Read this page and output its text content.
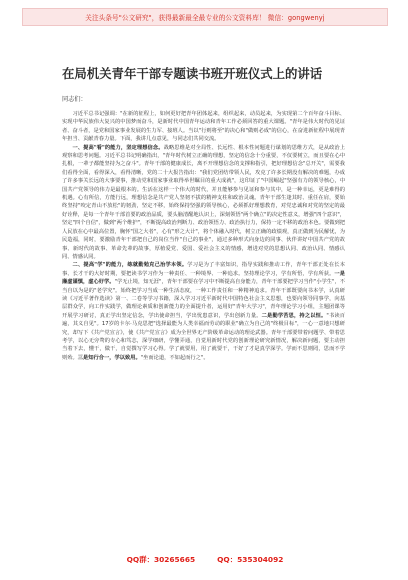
关注头条号"公文研究"，获得最新最全最专业的公文资料库！ 微信：gongwenyj
在局机关青年干部专题读书班开班仪式上的讲话
同志们：

习近平总书记强调："在新的征程上，如何更好把青年团体起来，组织起来，动员起来，为实现第二个百年奋斗目标、实现中华民族伟大复兴的中国梦而奋斗，是新时代中国青年运动和青年工作必须回答的重大课题。"青年是伟大时代的见证者、奋斗者，是党和国家事业发展的生力军、接班人。当以"行则将至"的决心和"做则必成"的信心，在奋进新征程中展现青年担当、贡献青春力量。下面，我讲几点意见，与同志们共同交流。

一、提高"看"的能力，坚定理想信念。战略思维是对全局性、长远性、根本性问题进行谋划的思维方式，是从政治上观察和思考问题。习近平总书记明确指出，"青年时代树立正确的理想，坚定的信念十分重要，不仅要树立，而且要在心中扎根，一辈子都能坚持为之奋斗"。青年干部的健康成长，离不开理想信念的支撑和指引，把好理想信念"总开关"，需要我们看得全面，看得深入，看得清晰，党的二十大报告指出："我们党团结带领人民，攻克了许多长期没有解决的难题，办成了许多事关长远的大事要事，推动党和国家事业取得举世瞩目的重大成就"，这印证了"中国崛起"坚强有力的领导核心，中国共产党领导的伟力是最根本的。生活在这样一个伟大的时代，并且能够参与见证和参与其中，是一种幸运，更是难得的机遇。心有所信，方能行远，理想信念是共产党人坚韧不拔的精神支柱和政治灵魂。青年干部生逢其时、重任在肩，要始终坚持"咬定青山不放松"的韧劲，坚定不移，始终保持坚强的领导核心，必须抓好理想教育，对党忠诚和对党的坚定的最好诠释，是每一个青年干部首要的政治品质，要头脑清醒地认识上，深刻领悟"两个确立"的决定性意义，增强"四个意识"，坚定"四个自信"，做到"两个维护"，不断提高政治判断力、政治领悟力、政治执行力，保持一定不移的政治本色。要做到把人民放在心中最高位置，胸怀"国之大者"，心有"形之大计"，将个体融入时代，树立正确的政绩观，真正做到为民解忧，为民造福，同时，要激励青年干部把自己的岗位当作"自己的事业"，通过多种形式向身边的同事、伙伴讲好中国共产党的故事、新时代的故事、革命先辈的故事，厚植爱党、爱国、爱社会主义的情感，增进对党的思想认同、政治认同、情感认同、情感认同。

二、提高"学"的能力，练就勤勉克己治学本领。学习是为了丰富知识，指导实践和推动工作，青年干部正处在长本事、长才干的大好时期，要把读书学习作为一种责任、一种境界、一种追求。坚持理论学习，学有所悟，学有所获。一是廉虚谨慎，虚心好学。"学无止境，知无涯"，青年干部要在学习中不断提高自身能力，青年干部要把学习当作"小学生"，不当自以为是的"老学究"。始终把学习当成一种生活态度，一种工作责任和一种精神追求。青年干部既要向书本学，认真研读《习近平著作选读》第一、二卷等学习书籍，深入学习习近平新时代中国特色社会主义思想，也要向领导同事学，向基层群众学，向工作实践学，做理论素质和创新能力的全面提升者，运用好"青年大学习"，青年理论学习小组，主题团课等开展学习研讨，真正学出坚定信念，学出使命担当，学出忧患意识，学出创新力量。二是勤学苦思，持之以恒。"书读百遍，其义自见"。17岁的卡尔·马克思把"选择最能为人类幸福而劳动的职业"确立为自己的"终极目标"，一心一意地只想研究，却写下《共产党宣言》，使《共产党宣言》成为全世界无产阶级革命运动的理论武器。青年干部要带着问题学、带着思考学，以心无旁骛的专心和笃志，深学细研，学懂弄通，自觉用新时代党的创新理论研究新情况，解决新问题，要主动担当着下去，懂干，做干，自觉撰写学习心得。学了就要用，用了就要干，干好了才是真学深学。学而不思则罔，思而不学则殆。三是知行合一，学以致用。"坐而论道，不如起而行之"。

QQ群：30265665	QQ：535304092
